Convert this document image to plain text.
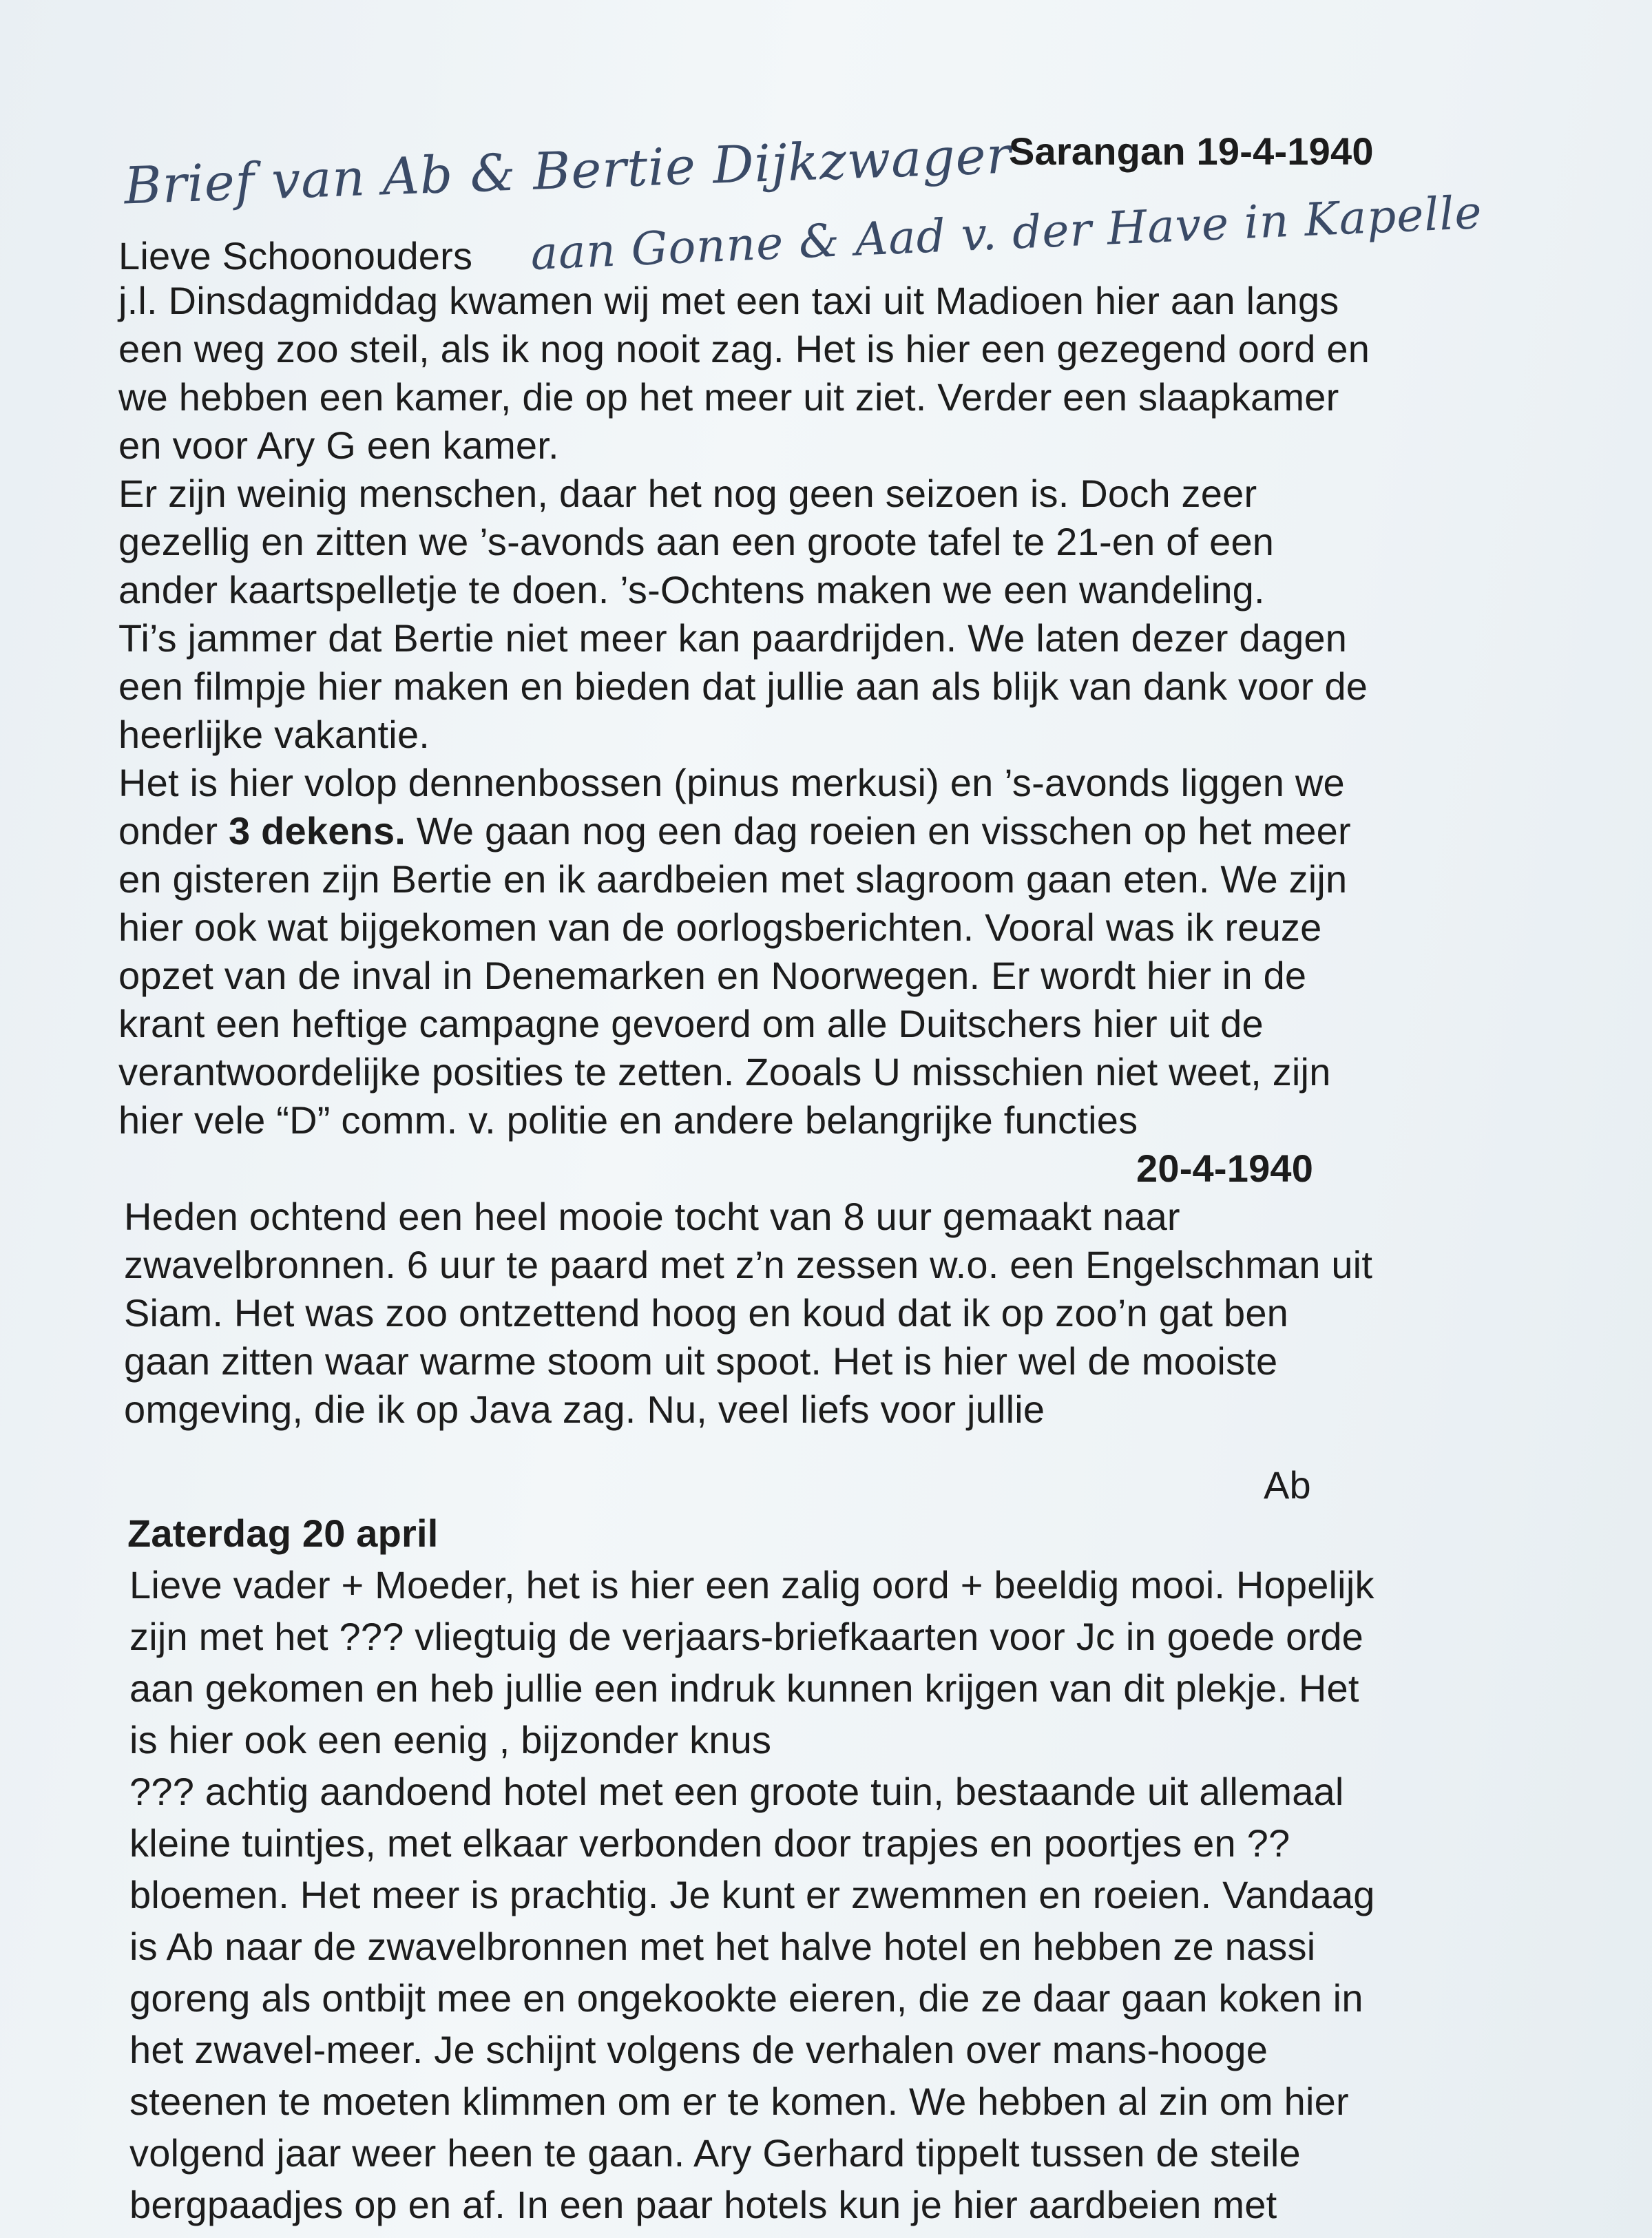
Brief van Ab & Bertie Dijkzwager
aan Gonne & Aad v. der Have in Kapelle
Sarangan 19-4-1940
Lieve Schoonouders
j.l. Dinsdagmiddag kwamen wij met een taxi uit Madioen hier aan langs
een weg zoo steil, als ik nog nooit zag. Het is hier een gezegend oord en
we hebben een kamer, die op het meer uit ziet. Verder een slaapkamer
en voor Ary G een kamer.
Er zijn weinig menschen, daar het nog geen seizoen is. Doch zeer
gezellig en zitten we ’s-avonds aan een groote tafel te 21-en of een
ander kaartspelletje te doen. ’s-Ochtens maken we een wandeling.
Ti’s jammer dat Bertie niet meer kan paardrijden. We laten dezer dagen
een filmpje hier maken en bieden dat jullie aan als blijk van dank voor de
heerlijke vakantie.
Het is hier volop dennenbossen (pinus merkusi) en ’s-avonds liggen we
onder 3 dekens. We gaan nog een dag roeien en visschen op het meer
en gisteren zijn Bertie en ik aardbeien met slagroom gaan eten. We zijn
hier ook wat bijgekomen van de oorlogsberichten. Vooral was ik reuze
opzet van de inval in Denemarken en Noorwegen. Er wordt hier in de
krant een heftige campagne gevoerd om alle Duitschers hier uit de
verantwoordelijke posities te zetten. Zooals U misschien niet weet, zijn
hier vele “D” comm. v. politie en andere belangrijke functies
20-4-1940
Heden ochtend een heel mooie tocht van 8 uur gemaakt naar
zwavelbronnen. 6 uur te paard met z’n zessen w.o. een Engelschman uit
Siam. Het was zoo ontzettend hoog en koud dat ik op zoo’n gat ben
gaan zitten waar warme stoom uit spoot. Het is hier wel de mooiste
omgeving, die ik op Java zag. Nu, veel liefs voor jullie
Ab
Zaterdag 20 april
Lieve vader + Moeder, het is hier een zalig oord + beeldig mooi. Hopelijk
zijn met het ??? vliegtuig de verjaars-briefkaarten voor Jc in goede orde
aan gekomen en heb jullie een indruk kunnen krijgen van dit plekje. Het
is hier ook een eenig , bijzonder knus
??? achtig aandoend hotel met een groote tuin, bestaande uit allemaal
kleine tuintjes, met elkaar verbonden door trapjes en poortjes en ??
bloemen. Het meer is prachtig. Je kunt er zwemmen en roeien. Vandaag
is Ab naar de zwavelbronnen met het halve hotel en hebben ze nassi
goreng als ontbijt mee en ongekookte eieren, die ze daar gaan koken in
het zwavel-meer. Je schijnt volgens de verhalen over mans-hooge
steenen te moeten klimmen om er te komen. We hebben al zin om hier
volgend jaar weer heen te gaan. Ary Gerhard tippelt tussen de steile
bergpaadjes op en af. In een paar hotels kun je hier aardbeien met
